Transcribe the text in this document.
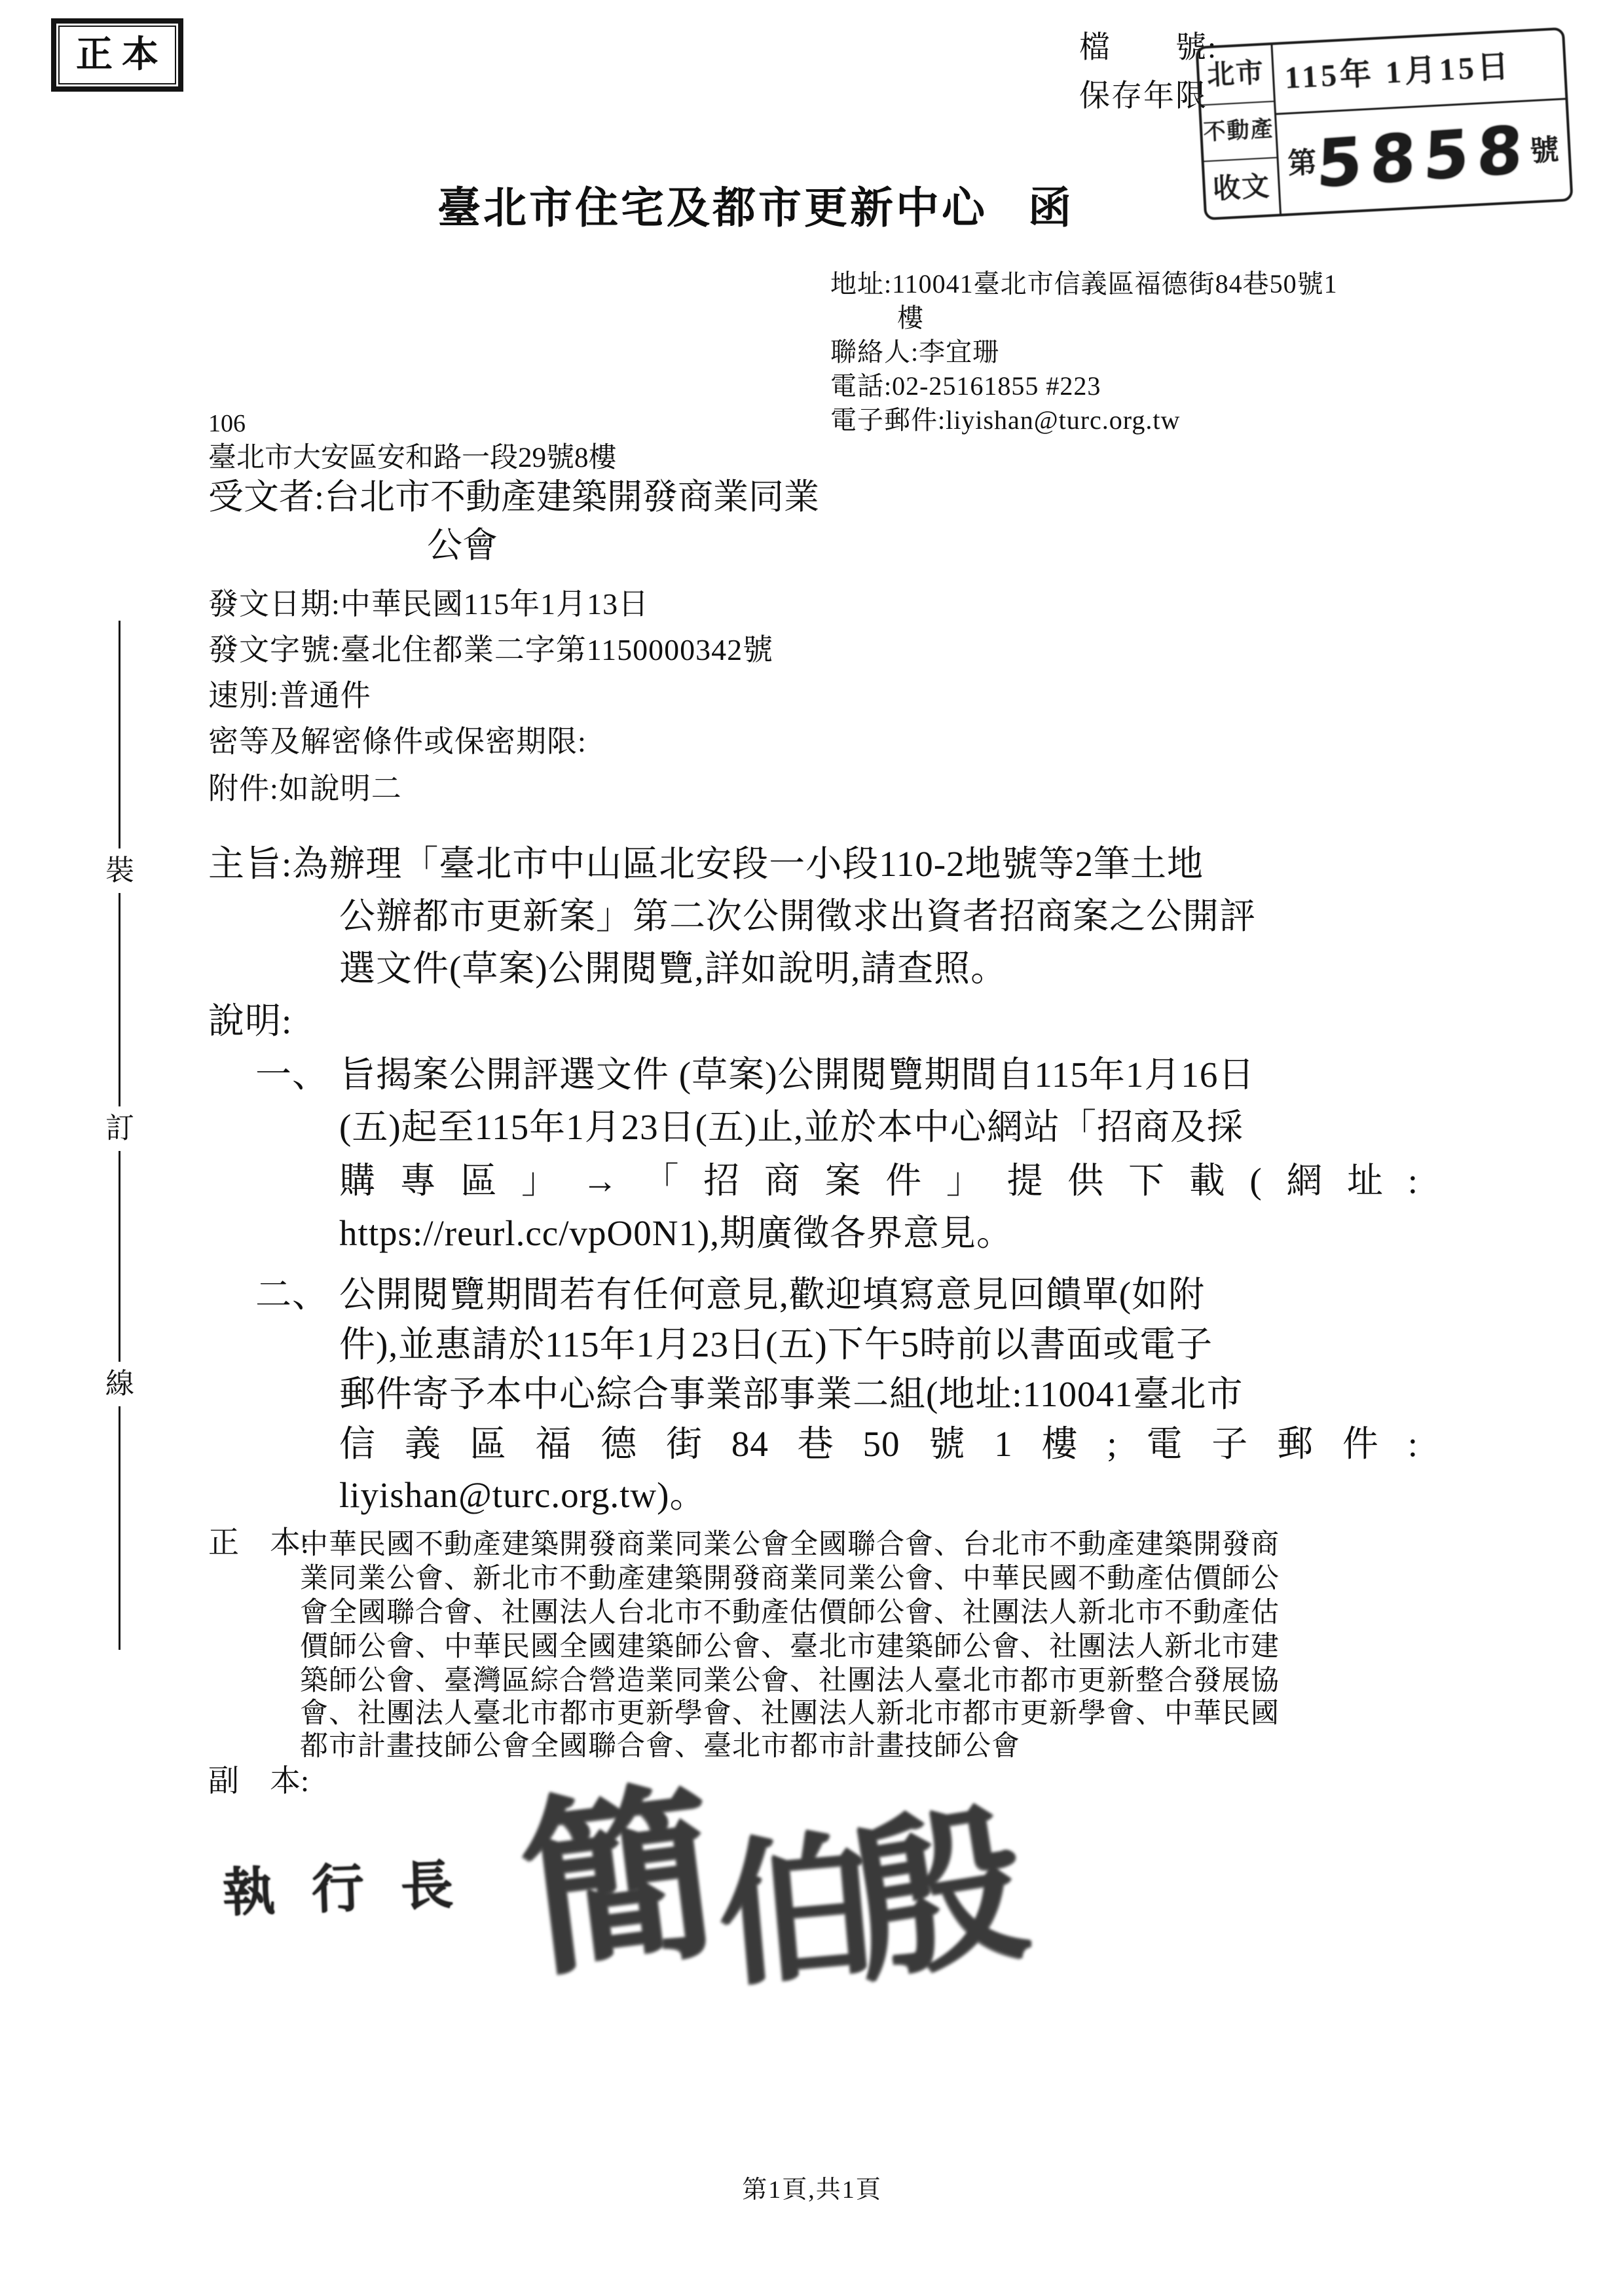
正本	檔　　號:
保存年限
北市
不動產
收文
115年 1月15日
第
5858
號
臺北市住宅及都市更新中心 函
地址:110041臺北市信義區福德街84巷50號1
樓
聯絡人:李宜珊
電話:02-25161855 #223
電子郵件:liyishan@turc.org.tw
106
臺北市大安區安和路一段29號8樓
受文者:台北市不動產建築開發商業同業
公會
發文日期:中華民國115年1月13日
發文字號:臺北住都業二字第1150000342號
速別:普通件
密等及解密條件或保密期限:
附件:如說明二
主旨:為辦理「臺北市中山區北安段一小段110-2地號等2筆土地
公辦都市更新案」第二次公開徵求出資者招商案之公開評
選文件(草案)公開閱覽,詳如說明,請查照。
說明:
一、 旨揭案公開評選文件 (草案)公開閱覽期間自115年1月16日
(五)起至115年1月23日(五)止,並於本中心網站「招商及採
購專區」→「招商案件」提供下載(網址:
https://reurl.cc/vpO0N1),期廣徵各界意見。
二、 公開閱覽期間若有任何意見,歡迎填寫意見回饋單(如附
件),並惠請於115年1月23日(五)下午5時前以書面或電子
郵件寄予本中心綜合事業部事業二組(地址:110041臺北市
信義區福德街84巷50號1樓;電子郵件:
liyishan@turc.org.tw)。
正　本:
中華民國不動產建築開發商業同業公會全國聯合會、台北市不動產建築開發商
業同業公會、新北市不動產建築開發商業同業公會、中華民國不動產估價師公
會全國聯合會、社團法人台北市不動產估價師公會、社團法人新北市不動產估
價師公會、中華民國全國建築師公會、臺北市建築師公會、社團法人新北市建
築師公會、臺灣區綜合營造業同業公會、社團法人臺北市都市更新整合發展協
會、社團法人臺北市都市更新學會、社團法人新北市都市更新學會、中華民國
都市計畫技師公會全國聯合會、臺北市都市計畫技師公會
副　本:
執行長 簡
伯
殷
裝
訂
線
第1頁,共1頁
